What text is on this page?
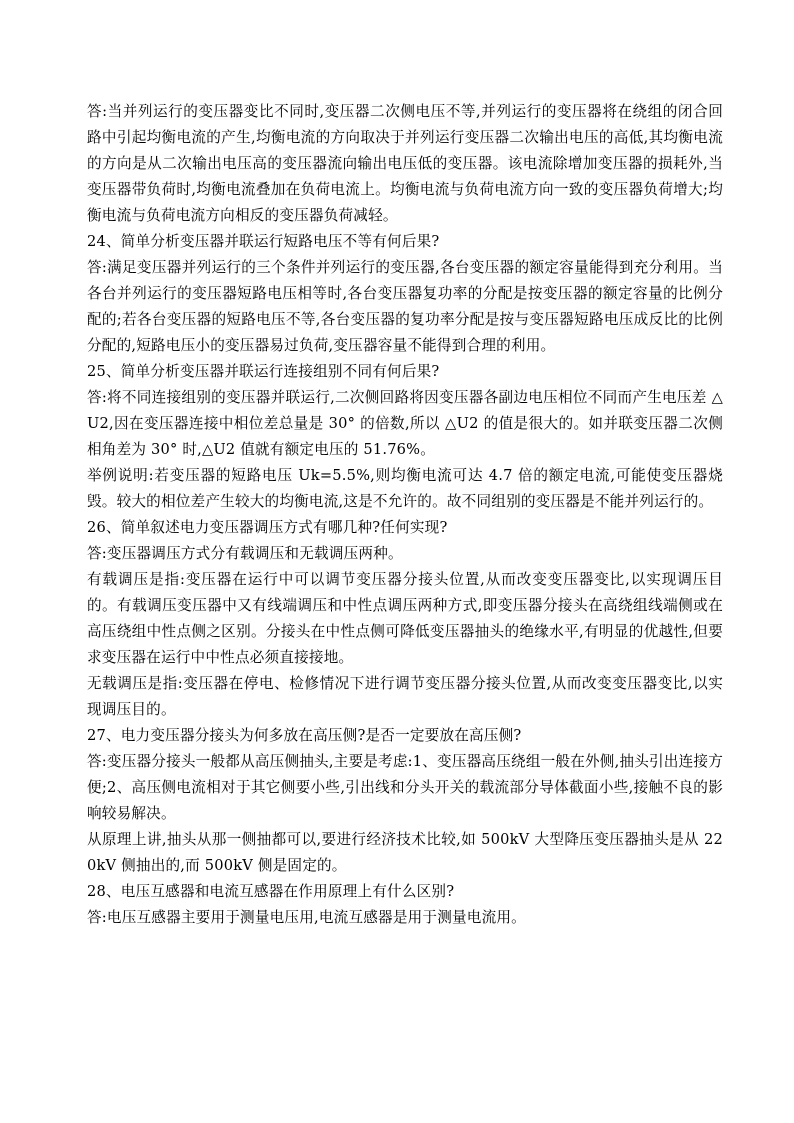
答:当并列运行的变压器变比不同时,变压器二次侧电压不等,并列运行的变压器将在绕组的闭合回路中引起均衡电流的产生,均衡电流的方向取决于并列运行变压器二次输出电压的高低,其均衡电流的方向是从二次输出电压高的变压器流向输出电压低的变压器。该电流除增加变压器的损耗外,当变压器带负荷时,均衡电流叠加在负荷电流上。均衡电流与负荷电流方向一致的变压器负荷增大;均衡电流与负荷电流方向相反的变压器负荷减轻。

24、简单分析变压器并联运行短路电压不等有何后果?

答:满足变压器并列运行的三个条件并列运行的变压器,各台变压器的额定容量能得到充分利用。当各台并列运行的变压器短路电压相等时,各台变压器复功率的分配是按变压器的额定容量的比例分配的;若各台变压器的短路电压不等,各台变压器的复功率分配是按与变压器短路电压成反比的比例分配的,短路电压小的变压器易过负荷,变压器容量不能得到合理的利用。

25、简单分析变压器并联运行连接组别不同有何后果?

答:将不同连接组别的变压器并联运行,二次侧回路将因变压器各副边电压相位不同而产生电压差 △U2,因在变压器连接中相位差总量是 30° 的倍数,所以 △U2 的值是很大的。如并联变压器二次侧相角差为 30° 时,△U2 值就有额定电压的 51.76%。

举例说明:若变压器的短路电压 Uk=5.5%,则均衡电流可达 4.7 倍的额定电流,可能使变压器烧毁。较大的相位差产生较大的均衡电流,这是不允许的。故不同组别的变压器是不能并列运行的。

26、简单叙述电力变压器调压方式有哪几种?任何实现?

答:变压器调压方式分有载调压和无载调压两种。

有载调压是指:变压器在运行中可以调节变压器分接头位置,从而改变变压器变比,以实现调压目的。有载调压变压器中又有线端调压和中性点调压两种方式,即变压器分接头在高绕组线端侧或在高压绕组中性点侧之区别。分接头在中性点侧可降低变压器抽头的绝缘水平,有明显的优越性,但要求变压器在运行中中性点必须直接接地。

无载调压是指:变压器在停电、检修情况下进行调节变压器分接头位置,从而改变变压器变比,以实现调压目的。

27、电力变压器分接头为何多放在高压侧?是否一定要放在高压侧?

答:变压器分接头一般都从高压侧抽头,主要是考虑:1、变压器高压绕组一般在外侧,抽头引出连接方便;2、高压侧电流相对于其它侧要小些,引出线和分头开关的载流部分导体截面小些,接触不良的影响较易解决。

从原理上讲,抽头从那一侧抽都可以,要进行经济技术比较,如 500kV 大型降压变压器抽头是从 220kV 侧抽出的,而 500kV 侧是固定的。

28、电压互感器和电流互感器在作用原理上有什么区别?

答:电压互感器主要用于测量电压用,电流互感器是用于测量电流用。
